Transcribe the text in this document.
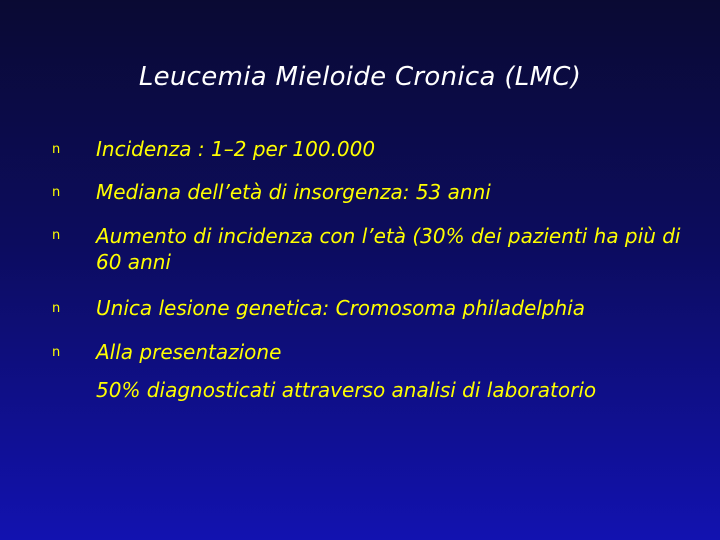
Leucemia Mieloide Cronica (LMC)
n Incidenza : 1–2 per 100.000
n Mediana dell’età di insorgenza: 53 anni
n Aumento di incidenza con l’età (30% dei pazienti ha più di 60 anni
n Unica lesione genetica: Cromosoma philadelphia
n Alla presentazione
50% diagnosticati attraverso analisi di laboratorio
